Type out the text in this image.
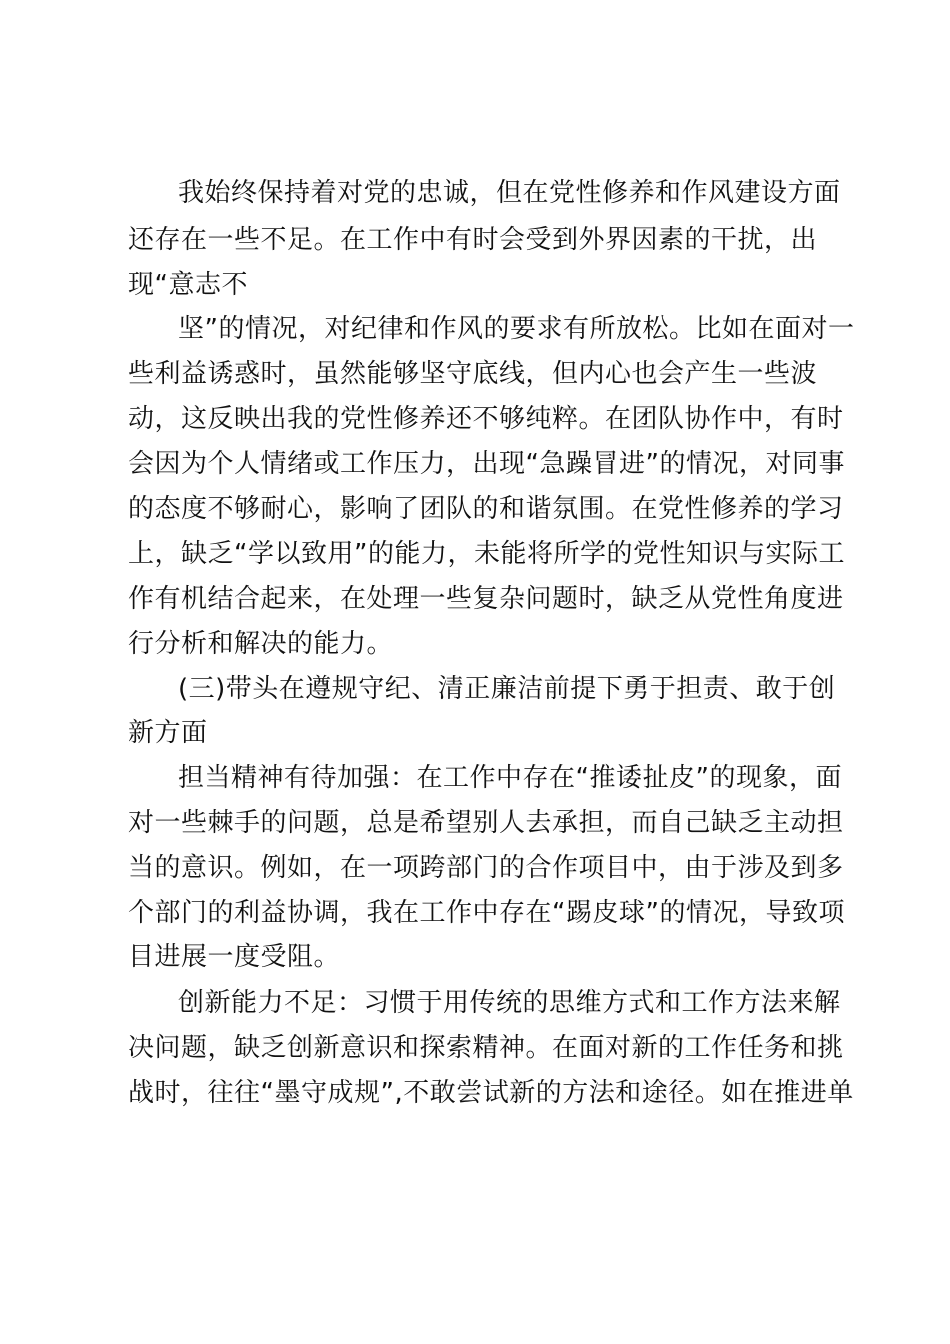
我始终保持着对党的忠诚，但在党性修养和作风建设方面
还存在一些不足。在工作中有时会受到外界因素的干扰，出
现“意志不
坚”的情况，对纪律和作风的要求有所放松。比如在面对一
些利益诱惑时，虽然能够坚守底线，但内心也会产生一些波
动，这反映出我的党性修养还不够纯粹。在团队协作中，有时
会因为个人情绪或工作压力，出现“急躁冒进”的情况，对同事
的态度不够耐心，影响了团队的和谐氛围。在党性修养的学习
上，缺乏“学以致用”的能力，未能将所学的党性知识与实际工
作有机结合起来，在处理一些复杂问题时，缺乏从党性角度进
行分析和解决的能力。
(三)带头在遵规守纪、清正廉洁前提下勇于担责、敢于创
新方面
担当精神有待加强：在工作中存在“推诿扯皮”的现象，面
对一些棘手的问题，总是希望别人去承担，而自己缺乏主动担
当的意识。例如，在一项跨部门的合作项目中，由于涉及到多
个部门的利益协调，我在工作中存在“踢皮球”的情况，导致项
目进展一度受阻。
创新能力不足：习惯于用传统的思维方式和工作方法来解
决问题，缺乏创新意识和探索精神。在面对新的工作任务和挑
战时，往往“墨守成规”,不敢尝试新的方法和途径。如在推进单
